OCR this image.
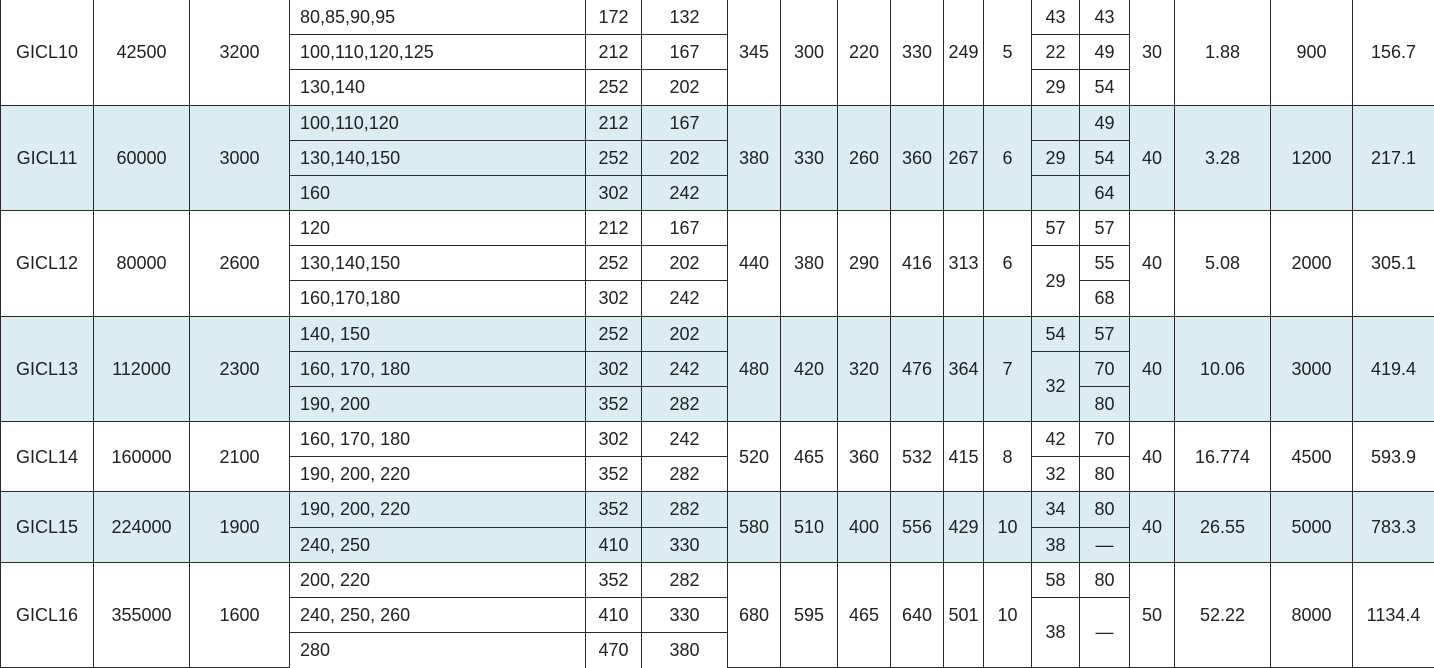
GICL10	42500	3200	80,85,90,95	172	132	345	300	220	330	249	5	43	43	30	1.88	900	156.7
			100,110,120,125	212	167							22	49				
			130,140	252	202							29	54				
GICL11	60000	3000	100,110,120	212	167	380	330	260	360	267	6		49	40	3.28	1200	217.1
			130,140,150	252	202							29	54				
			160	302	242								64				
GICL12	80000	2600	120	212	167	440	380	290	416	313	6	57	57	40	5.08	2000	305.1
			130,140,150	252	202							29	55				
			160,170,180	302	242								68				
GICL13	112000	2300	140, 150	252	202	480	420	320	476	364	7	54	57	40	10.06	3000	419.4
			160, 170, 180	302	242							32	70				
			190, 200	352	282								80				
GICL14	160000	2100	160, 170, 180	302	242	520	465	360	532	415	8	42	70	40	16.774	4500	593.9
			190, 200, 220	352	282							32	80				
GICL15	224000	1900	190, 200, 220	352	282	580	510	400	556	429	10	34	80	40	26.55	5000	783.3
			240, 250	410	330							38	—				
GICL16	355000	1600	200, 220	352	282	680	595	465	640	501	10	58	80	50	52.22	8000	1134.4
			240, 250, 260	410	330							38	—				
			280	470	380												
